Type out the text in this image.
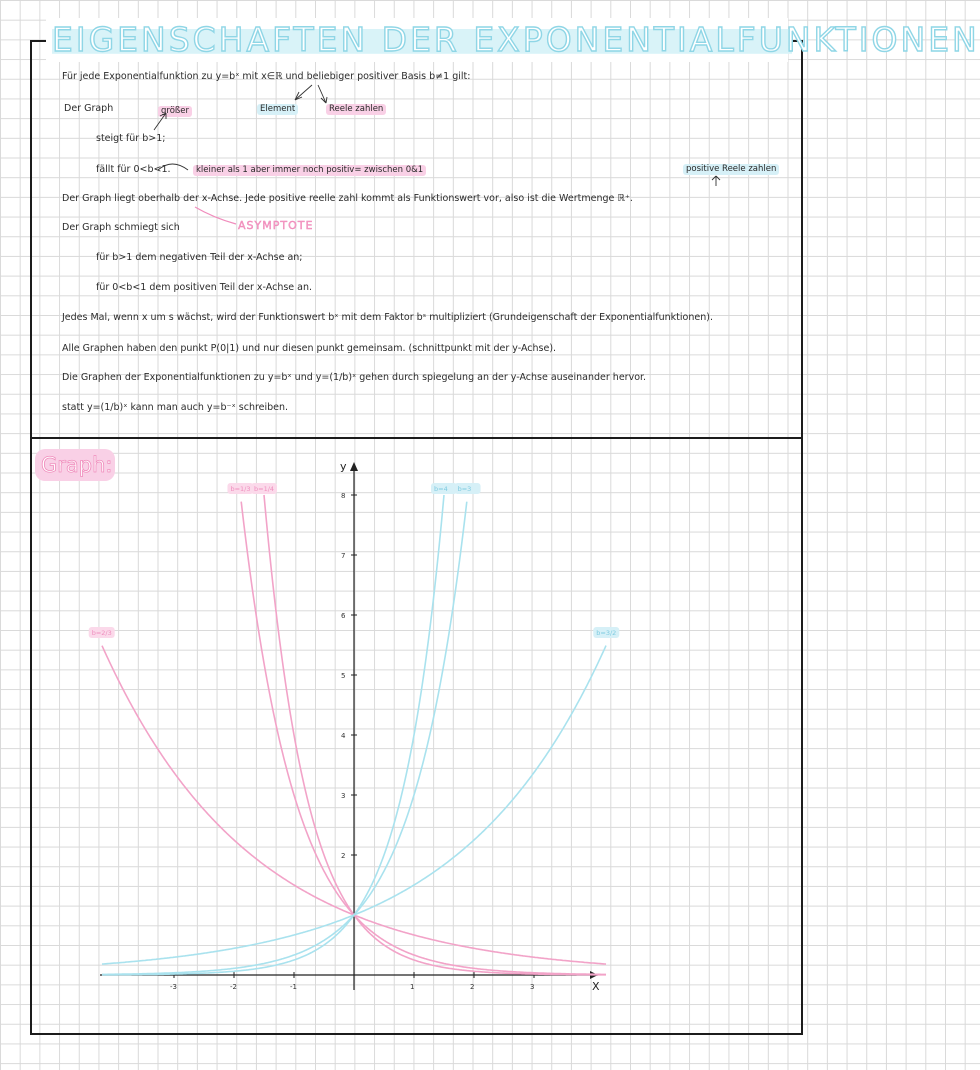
EIGENSCHAFTEN DER EXPONENTIALFUNKTIONEN
Für jede Exponentialfunktion zu y=bˣ mit x∈ℝ und beliebiger positiver Basis b≠1 gilt:
Der Graph	größer	Element	Reele zahlen
steigt für b>1;
fällt für 0<b<1.	kleiner als 1 aber immer noch positiv= zwischen 0&1	positive Reele zahlen
Der Graph liegt oberhalb der x-Achse. Jede positive reelle zahl kommt als Funktionswert vor, also ist die Wertmenge ℝ⁺.
Der Graph schmiegt sich	ASYMPTOTE
für b>1 dem negativen Teil der x-Achse an;
für 0<b<1 dem positiven Teil der x-Achse an.
Jedes Mal, wenn x um s wächst, wird der Funktionswert bˣ mit dem Faktor bˢ multipliziert (Grundeigenschaft der Exponentialfunktionen).
Alle Graphen haben den punkt P(0|1) und nur diesen punkt gemeinsam. (schnittpunkt mit der y-Achse).
Die Graphen der Exponentialfunktionen zu y=bˣ und y=(1/b)ˣ gehen durch spiegelung an der y-Achse auseinander hervor.
statt y=(1/b)ˣ kann man auch y=b⁻ˣ schreiben.
Graph:
X
y
-3	-2	-1	1	2	3
2
3
4
5
6
7
8
b=1/4
b=1/3
b=2/3	b=3/2
b=3
b=4
